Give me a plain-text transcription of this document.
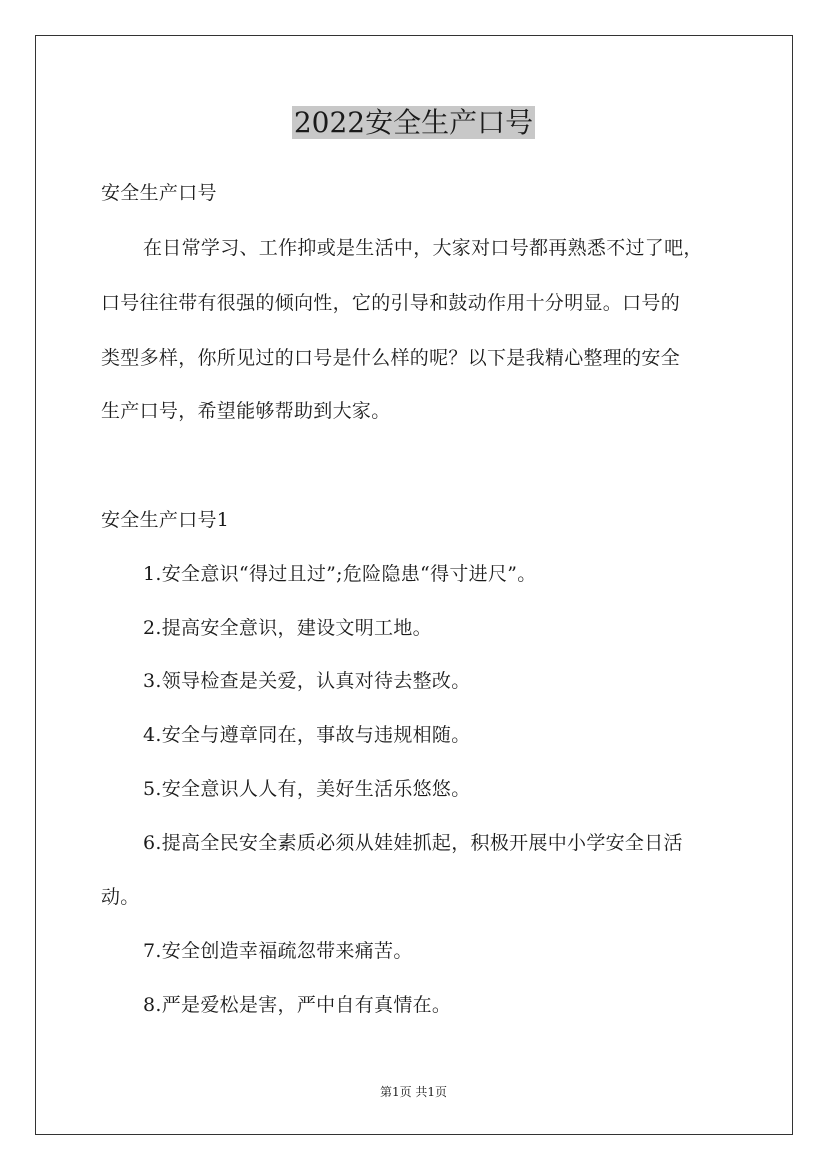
2022安全生产口号
安全生产口号
在日常学习、工作抑或是生活中，大家对口号都再熟悉不过了吧，
口号往往带有很强的倾向性，它的引导和鼓动作用十分明显。口号的
类型多样，你所见过的口号是什么样的呢？以下是我精心整理的安全
生产口号，希望能够帮助到大家。
安全生产口号1
1.安全意识“得过且过”;危险隐患“得寸进尺”。
2.提高安全意识，建设文明工地。
3.领导检查是关爱，认真对待去整改。
4.安全与遵章同在，事故与违规相随。
5.安全意识人人有，美好生活乐悠悠。
6.提高全民安全素质必须从娃娃抓起，积极开展中小学安全日活
动。
7.安全创造幸福疏忽带来痛苦。
8.严是爱松是害，严中自有真情在。
第1页 共1页
